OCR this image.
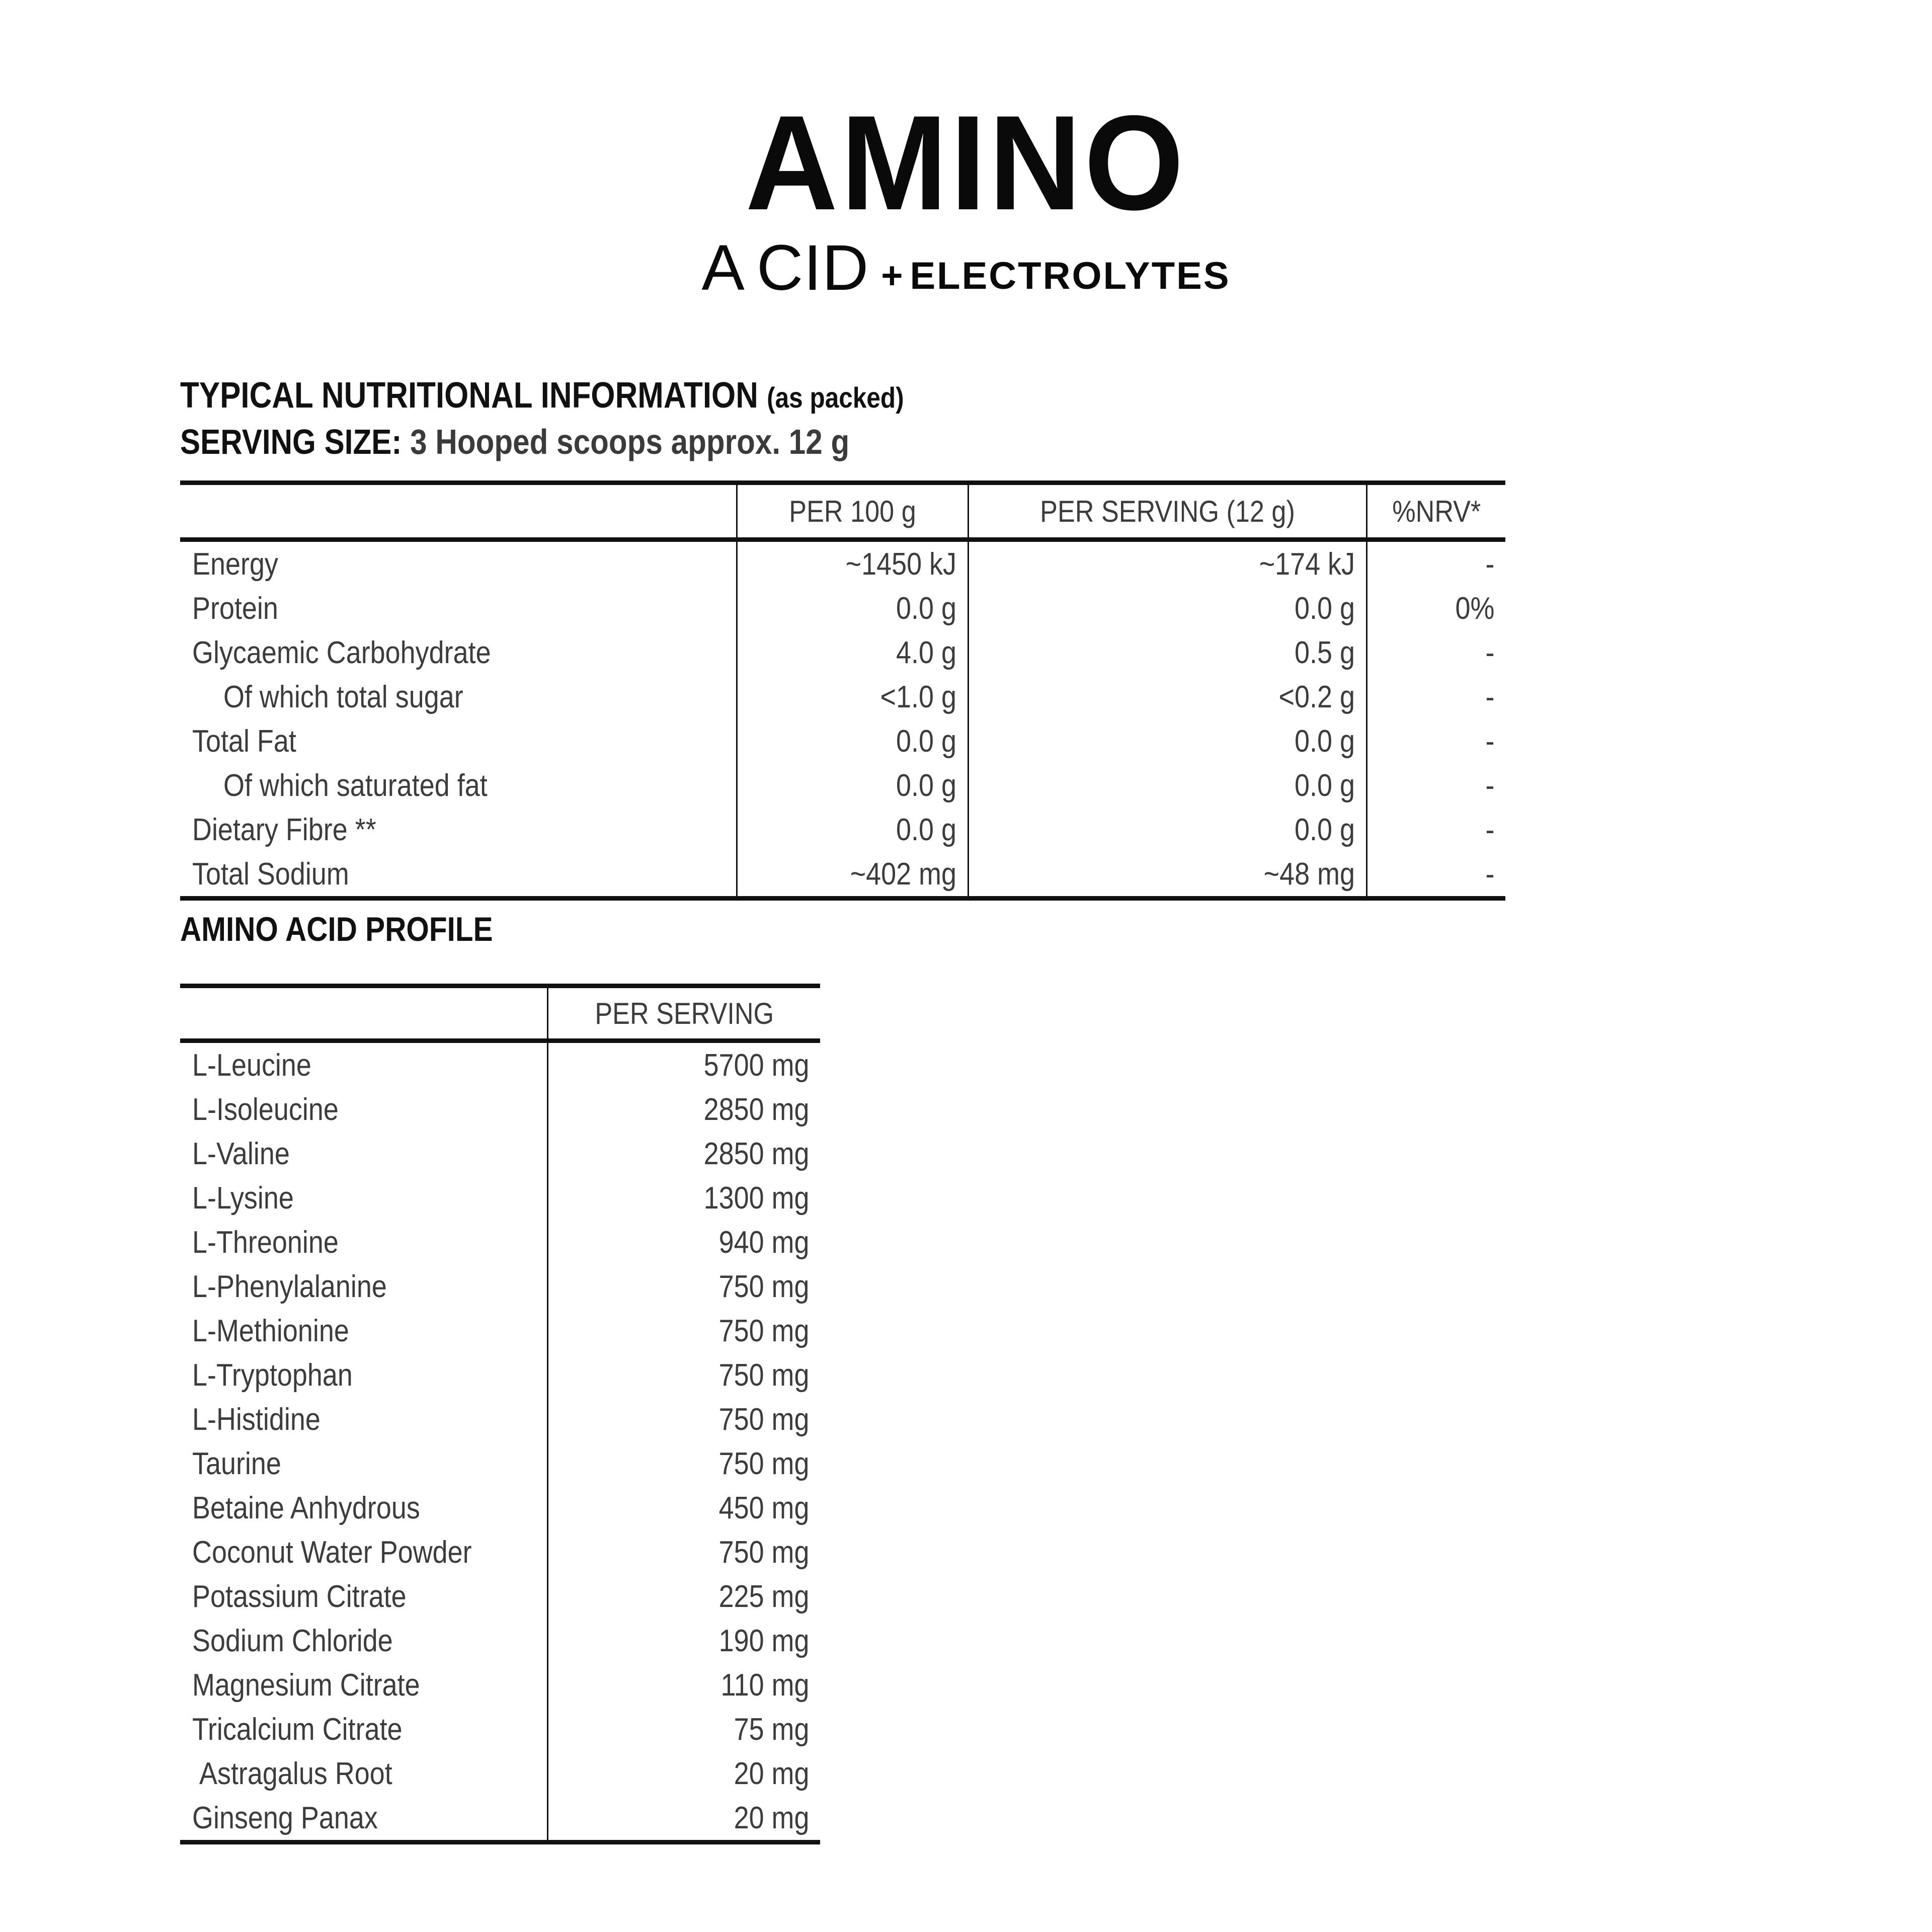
AMINO
ACID + ELECTROLYTES
TYPICAL NUTRITIONAL INFORMATION (as packed)
SERVING SIZE: 3 Hooped scoops approx. 12 g
AMINO ACID PROFILE

	PER 100 g	PER SERVING (12 g)	%NRV*

Energy	~1450 kJ	~174 kJ	-

Protein	0.0 g	0.0 g	0%

Glycaemic Carbohydrate	4.0 g	0.5 g	-

Of which total sugar	<1.0 g	<0.2 g	-

Total Fat	0.0 g	0.0 g	-

Of which saturated fat	0.0 g	0.0 g	-

Dietary Fibre **	0.0 g	0.0 g	-

Total Sodium	~402 mg	~48 mg	-

	PER SERVING

L-Leucine	5700 mg

L-Isoleucine	2850 mg

L-Valine	2850 mg

L-Lysine	1300 mg

L-Threonine	940 mg

L-Phenylalanine	750 mg

L-Methionine	750 mg

L-Tryptophan	750 mg

L-Histidine	750 mg

Taurine	750 mg

Betaine Anhydrous	450 mg

Coconut Water Powder	750 mg

Potassium Citrate	225 mg

Sodium Chloride	190 mg

Magnesium Citrate	110 mg

Tricalcium Citrate	75 mg

Astragalus Root	20 mg

Ginseng Panax	20 mg
